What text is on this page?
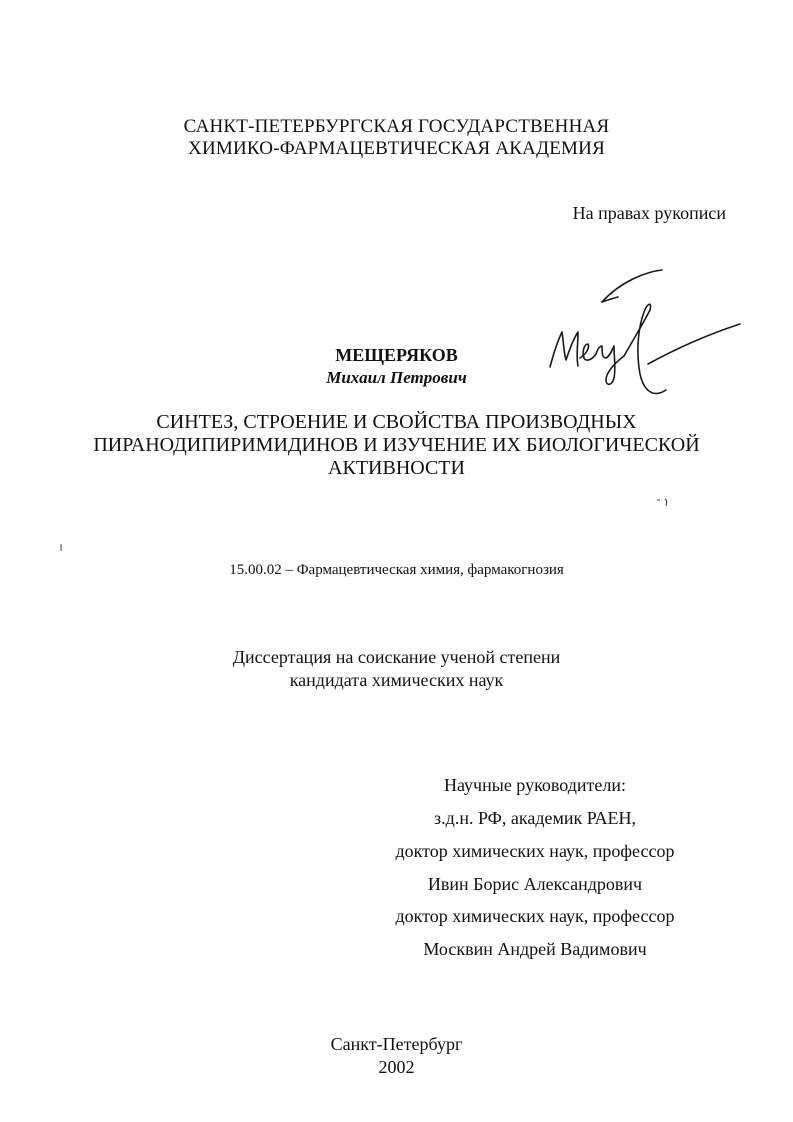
САНКТ-ПЕТЕРБУРГСКАЯ ГОСУДАРСТВЕННАЯ
ХИМИКО-ФАРМАЦЕВТИЧЕСКАЯ АКАДЕМИЯ
На правах рукописи
МЕЩЕРЯКОВ
Михаил Петрович
СИНТЕЗ, СТРОЕНИЕ И СВОЙСТВА ПРОИЗВОДНЫХ
ПИРАНОДИПИРИМИДИНОВ И ИЗУЧЕНИЕ ИХ БИОЛОГИЧЕСКОЙ
АКТИВНОСТИ
15.00.02 – Фармацевтическая химия, фармакогнозия
Диссертация на соискание ученой степени
кандидата химических наук
Научные руководители:
з.д.н. РФ, академик РАЕН,
доктор химических наук, профессор
Ивин Борис Александрович
доктор химических наук, профессор
Москвин Андрей Вадимович
Санкт-Петербург
2002
